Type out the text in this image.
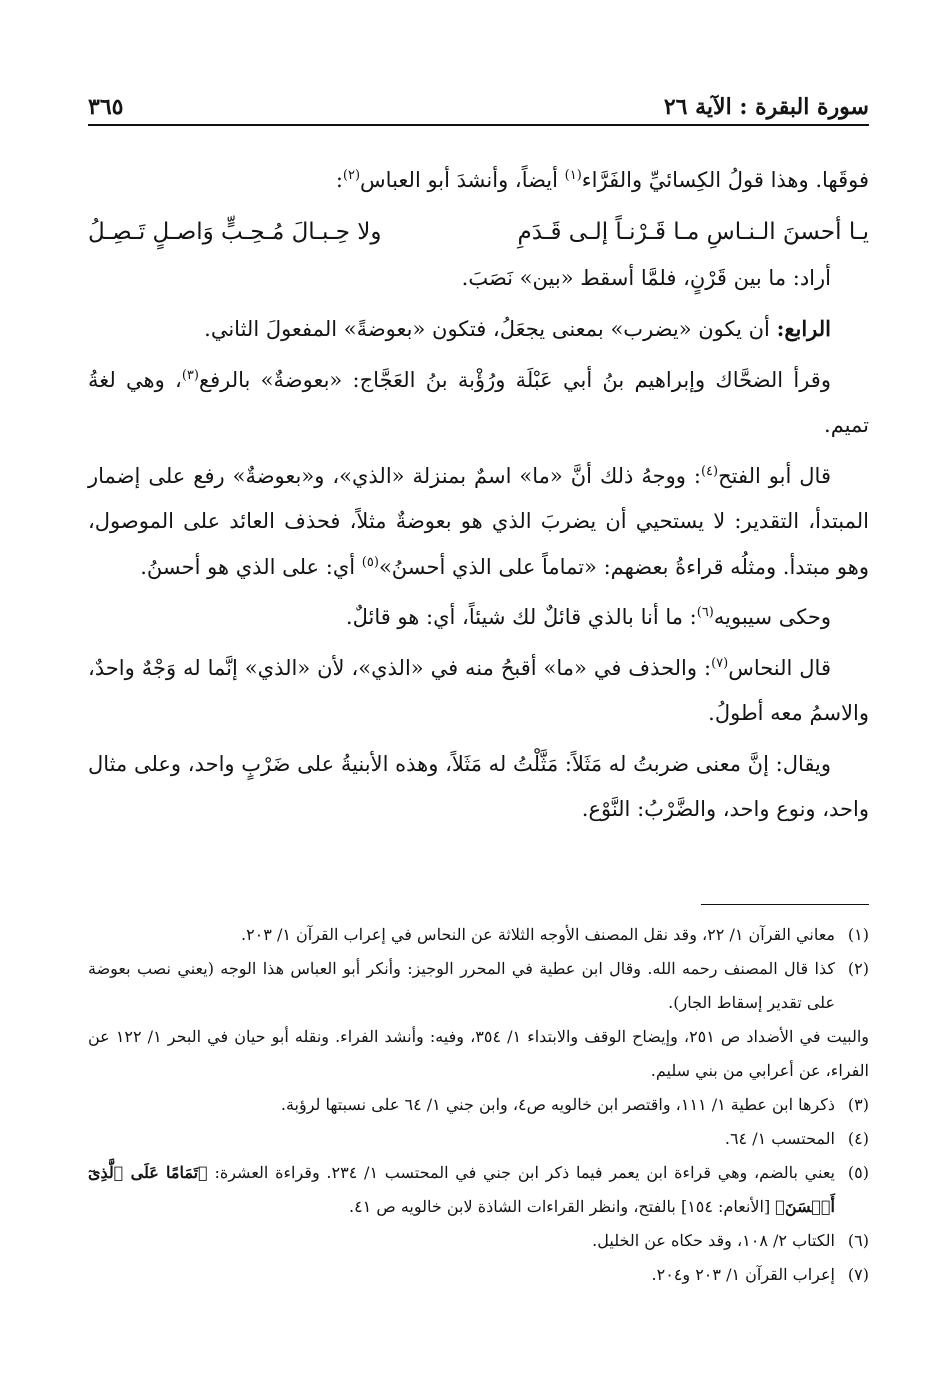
سورة البقرة : الآية ٢٦
٣٦٥

فوقَها. وهذا قولُ الكِسائيِّ والفَرَّاء$^{(١)}$ أيضاً، وأنشدَ أبو العباس$^{(٢)}$:

يـا أحسنَ الـنـاسِ مـا قَـرْنـاً إلـى قَـدَمِ
ولا حِـبـالَ مُـحِـبٍّ وَاصـلٍ تَـصِـلُ

أراد: ما بين قَرْنٍ، فلمَّا أسقط «بين» نَصَبَ.

الرابع: أن يكون «يضرب» بمعنى يجعَلُ، فتكون «بعوضةً» المفعولَ الثاني.

وقرأ الضحَّاك وإبراهيم بنُ أبي عَبْلَة ورُؤْبة بنُ العَجَّاج: «بعوضةٌ» بالرفع$^{(٣)}$، وهي لغةُ تميم.

قال أبو الفتح$^{(٤)}$: ووجهُ ذلك أنَّ «ما» اسمٌ بمنزلة «الذي»، و«بعوضةٌ» رفع على إضمار المبتدأ، التقدير: لا يستحيي أن يضربَ الذي هو بعوضةٌ مثلاً، فحذف العائد على الموصول، وهو مبتدأ. ومثلُه قراءةُ بعضهم: «تماماً على الذي أحسنُ»$^{(٥)}$ أي: على الذي هو أحسنُ.

وحكى سيبويه$^{(٦)}$: ما أنا بالذي قائلٌ لك شيئاً، أي: هو قائلٌ.

قال النحاس$^{(٧)}$: والحذف في «ما» أقبحُ منه في «الذي»، لأن «الذي» إنَّما له وَجْهٌ واحدٌ، والاسمُ معه أطولُ.

ويقال: إنَّ معنى ضربتُ له مَثَلاً: مَثَّلْتُ له مَثَلاً، وهذه الأبنيةُ على ضَرْبٍ واحد، وعلى مثال واحد، ونوع واحد، والضَّرْبُ: النَّوْع.

(١)
معاني القرآن ١/ ٢٢، وقد نقل المصنف الأوجه الثلاثة عن النحاس في إعراب القرآن ١/ ٢٠٣.
(٢)
كذا قال المصنف رحمه الله. وقال ابن عطية في المحرر الوجيز: وأنكر أبو العباس هذا الوجه (يعني نصب بعوضة على تقدير إسقاط الجار).
والبيت في الأضداد ص ٢٥١، وإيضاح الوقف والابتداء ١/ ٣٥٤، وفيه: وأنشد الفراء. ونقله أبو حيان في البحر ١/ ١٢٢ عن الفراء، عن أعرابي من بني سليم.
(٣)
ذكرها ابن عطية ١/ ١١١، واقتصر ابن خالويه ص٤، وابن جني ١/ ٦٤ على نسبتها لرؤبة.
(٤)
المحتسب ١/ ٦٤.
(٥)
يعني بالضم، وهي قراءة ابن يعمر فيما ذكر ابن جني في المحتسب ١/ ٢٣٤. وقراءة العشرة: ﴿تَمَامًا عَلَى ٱلَّذِىٓ أَحۡسَنَ﴾ [الأنعام: ١٥٤] بالفتح، وانظر القراءات الشاذة لابن خالويه ص ٤١.
(٦)
الكتاب ٢/ ١٠٨، وقد حكاه عن الخليل.
(٧)
إعراب القرآن ١/ ٢٠٣ و٢٠٤.
